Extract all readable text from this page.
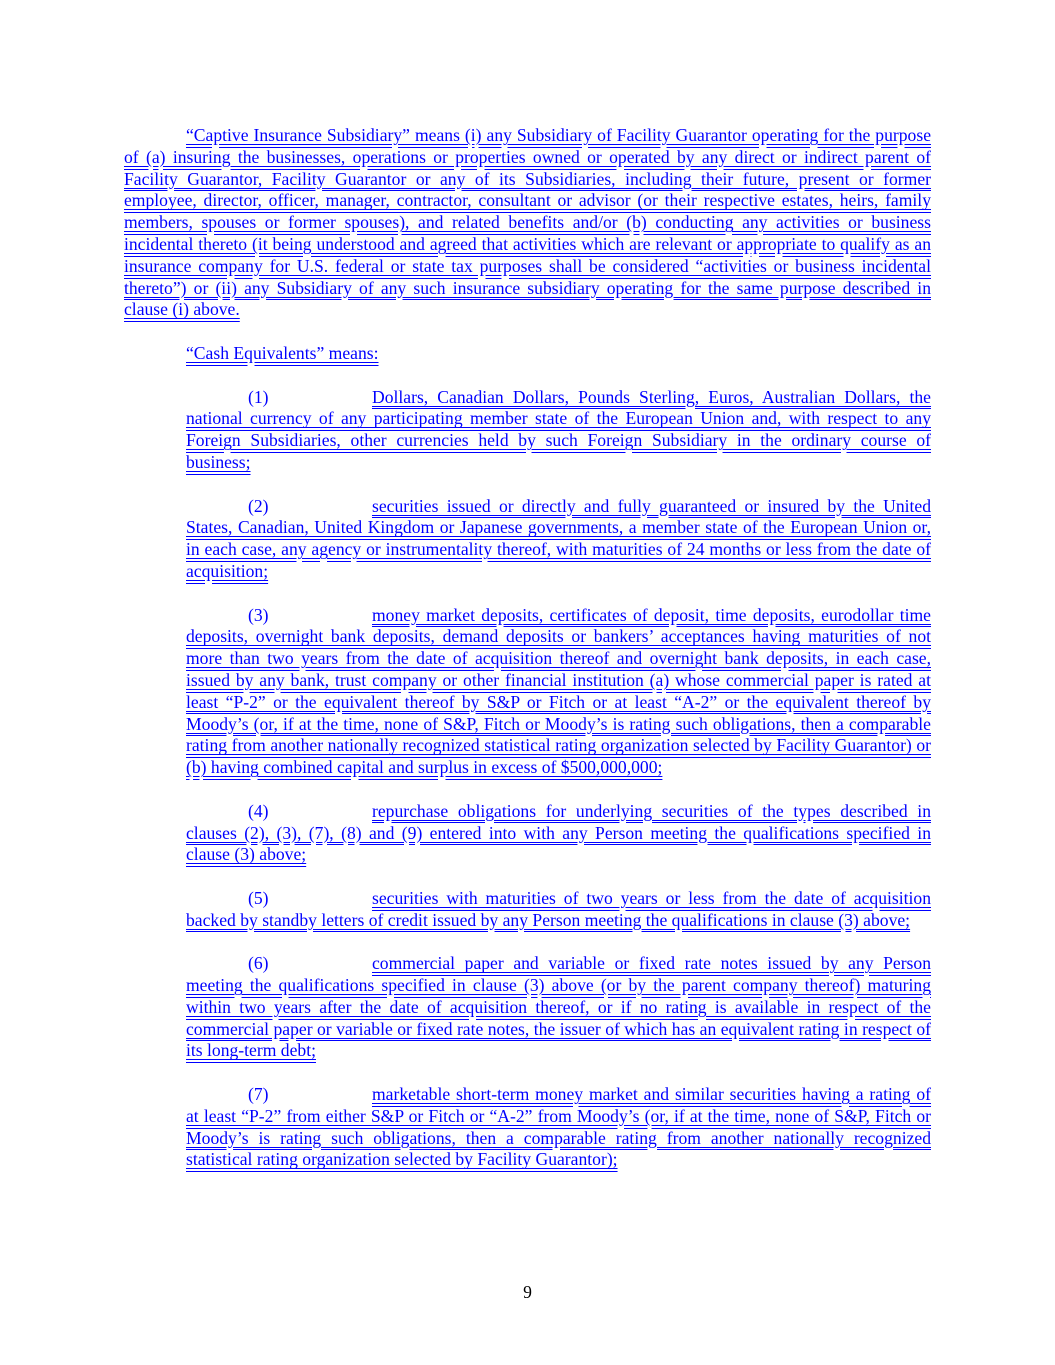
“Captive Insurance Subsidiary” means (i) any Subsidiary of Facility Guarantor operating for the purpose of (a) insuring the businesses, operations or properties owned or operated by any direct or indirect parent of Facility Guarantor, Facility Guarantor or any of its Subsidiaries, including their future, present or former employee, director, officer, manager, contractor, consultant or advisor (or their respective estates, heirs, family members, spouses or former spouses), and related benefits and/or (b) conducting any activities or business incidental thereto (it being understood and agreed that activities which are relevant or appropriate to qualify as an insurance company for U.S. federal or state tax purposes shall be considered “activities or business incidental thereto”) or (ii) any Subsidiary of any such insurance subsidiary operating for the same purpose described in clause (i) above.

“Cash Equivalents” means:

(1)	Dollars, Canadian Dollars, Pounds Sterling, Euros, Australian Dollars, the national currency of any participating member state of the European Union and, with respect to any Foreign Subsidiaries, other currencies held by such Foreign Subsidiary in the ordinary course of business;

(2)	securities issued or directly and fully guaranteed or insured by the United States, Canadian, United Kingdom or Japanese governments, a member state of the European Union or, in each case, any agency or instrumentality thereof, with maturities of 24 months or less from the date of acquisition;

(3)	money market deposits, certificates of deposit, time deposits, eurodollar time deposits, overnight bank deposits, demand deposits or bankers’ acceptances having maturities of not more than two years from the date of acquisition thereof and overnight bank deposits, in each case, issued by any bank, trust company or other financial institution (a) whose commercial paper is rated at least “P-2” or the equivalent thereof by S&P or Fitch or at least “A-2” or the equivalent thereof by Moody’s (or, if at the time, none of S&P, Fitch or Moody’s is rating such obligations, then a comparable rating from another nationally recognized statistical rating organization selected by Facility Guarantor) or (b) having combined capital and surplus in excess of $500,000,000;

(4)	repurchase obligations for underlying securities of the types described in clauses (2), (3), (7), (8) and (9) entered into with any Person meeting the qualifications specified in clause (3) above;

(5)	securities with maturities of two years or less from the date of acquisition backed by standby letters of credit issued by any Person meeting the qualifications in clause (3) above;

(6)	commercial paper and variable or fixed rate notes issued by any Person meeting the qualifications specified in clause (3) above (or by the parent company thereof) maturing within two years after the date of acquisition thereof, or if no rating is available in respect of the commercial paper or variable or fixed rate notes, the issuer of which has an equivalent rating in respect of its long-term debt;

(7)	marketable short-term money market and similar securities having a rating of at least “P-2” from either S&P or Fitch or “A-2” from Moody’s (or, if at the time, none of S&P, Fitch or Moody’s is rating such obligations, then a comparable rating from another nationally recognized statistical rating organization selected by Facility Guarantor);

9
